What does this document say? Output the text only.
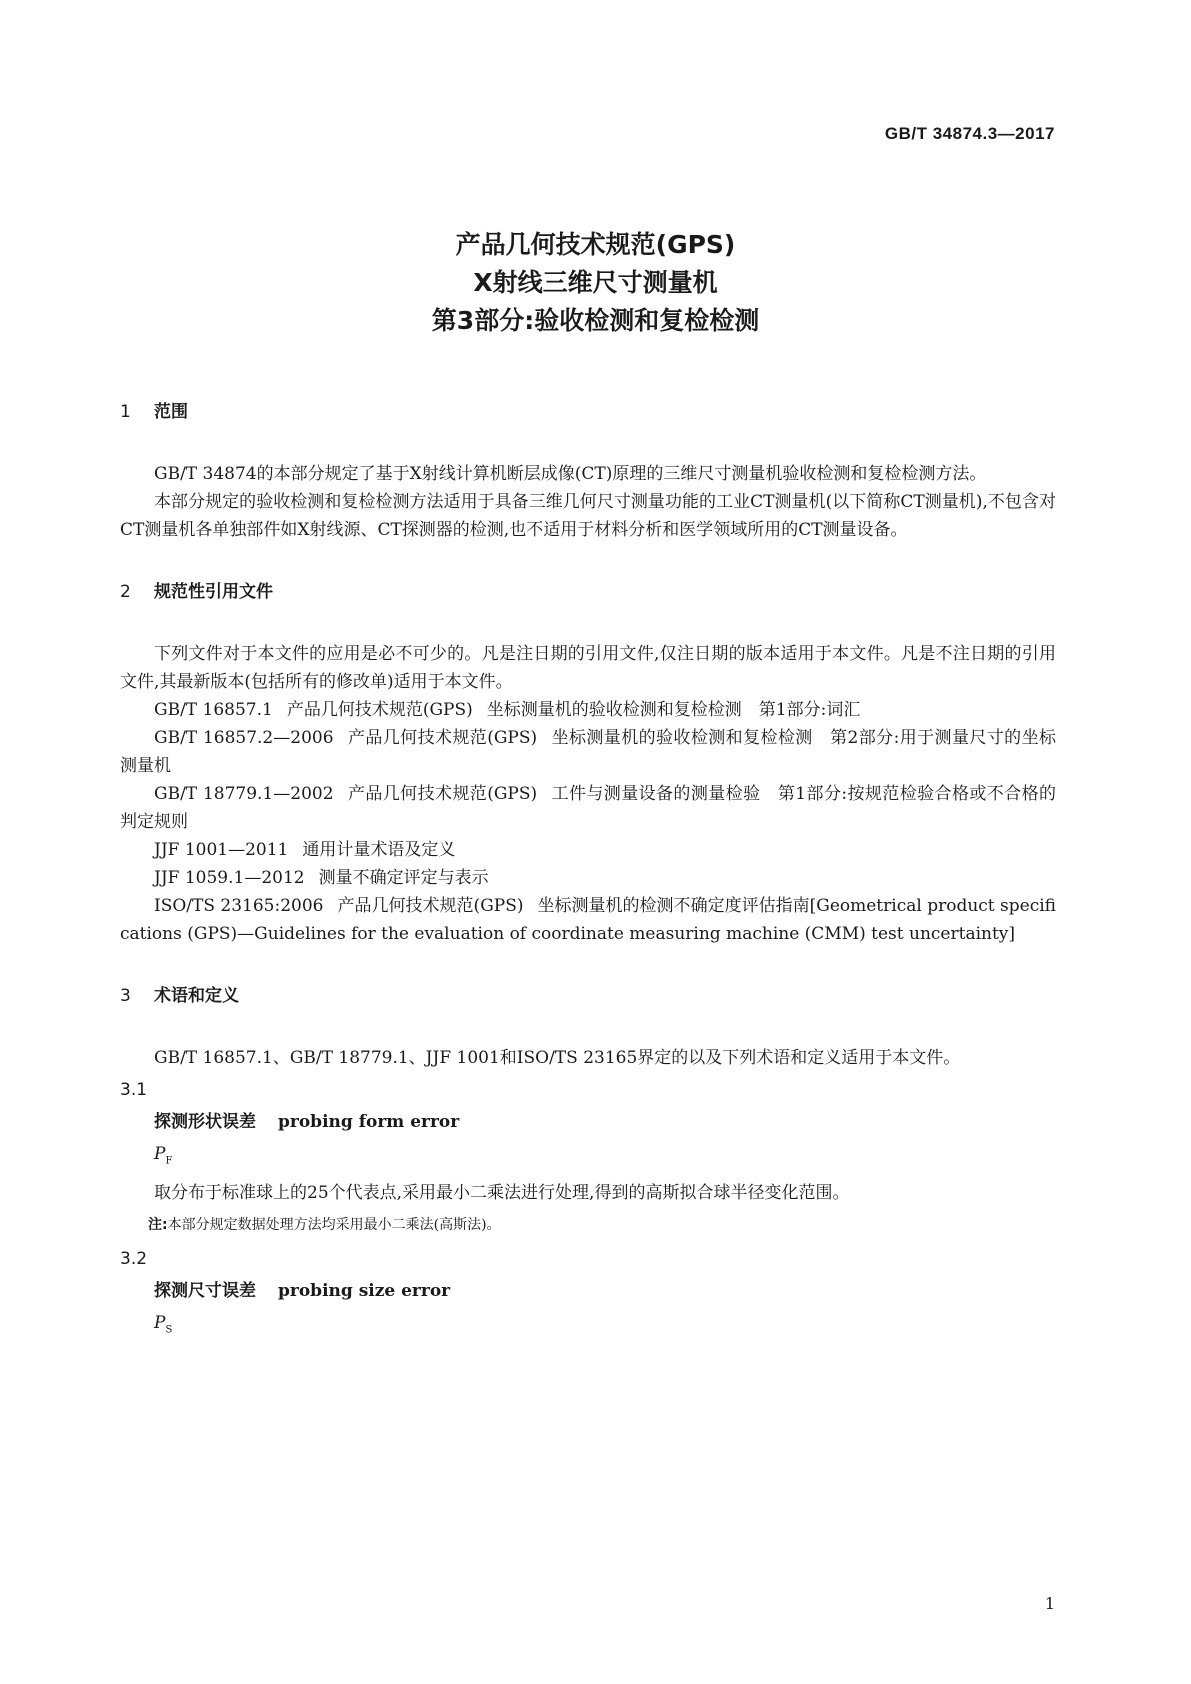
GB/T 34874.3—2017
产品几何技术规范(GPS)
X射线三维尺寸测量机
第3部分:验收检测和复检检测
1 范围

GB/T 34874的本部分规定了基于X射线计算机断层成像(CT)原理的三维尺寸测量机验收检测和复检检测方法。

本部分规定的验收检测和复检检测方法适用于具备三维几何尺寸测量功能的工业CT测量机(以下简称CT测量机),不包含对CT测量机各单独部件如X射线源、CT探测器的检测,也不适用于材料分析和医学领域所用的CT测量设备。

2 规范性引用文件

下列文件对于本文件的应用是必不可少的。凡是注日期的引用文件,仅注日期的版本适用于本文件。凡是不注日期的引用文件,其最新版本(包括所有的修改单)适用于本文件。

GB/T 16857.1 产品几何技术规范(GPS) 坐标测量机的验收检测和复检检测　第1部分:词汇

GB/T 16857.2—2006 产品几何技术规范(GPS) 坐标测量机的验收检测和复检检测　第2部分:用于测量尺寸的坐标测量机

GB/T 18779.1—2002 产品几何技术规范(GPS) 工件与测量设备的测量检验　第1部分:按规范检验合格或不合格的判定规则

JJF 1001—2011 通用计量术语及定义

JJF 1059.1—2012 测量不确定评定与表示

ISO/TS 23165:2006 产品几何技术规范(GPS) 坐标测量机的检测不确定度评估指南[Geometrical product specifications (GPS)—Guidelines for the evaluation of coordinate measuring machine (CMM) test uncertainty]

3 术语和定义

GB/T 16857.1、GB/T 18779.1、JJF 1001和ISO/TS 23165界定的以及下列术语和定义适用于本文件。

3.1
探测形状误差 probing form error
$P_F$
取分布于标准球上的25个代表点,采用最小二乘法进行处理,得到的高斯拟合球半径变化范围。
注:本部分规定数据处理方法均采用最小二乘法(高斯法)。
3.2
探测尺寸误差 probing size error
$P_S$
1
